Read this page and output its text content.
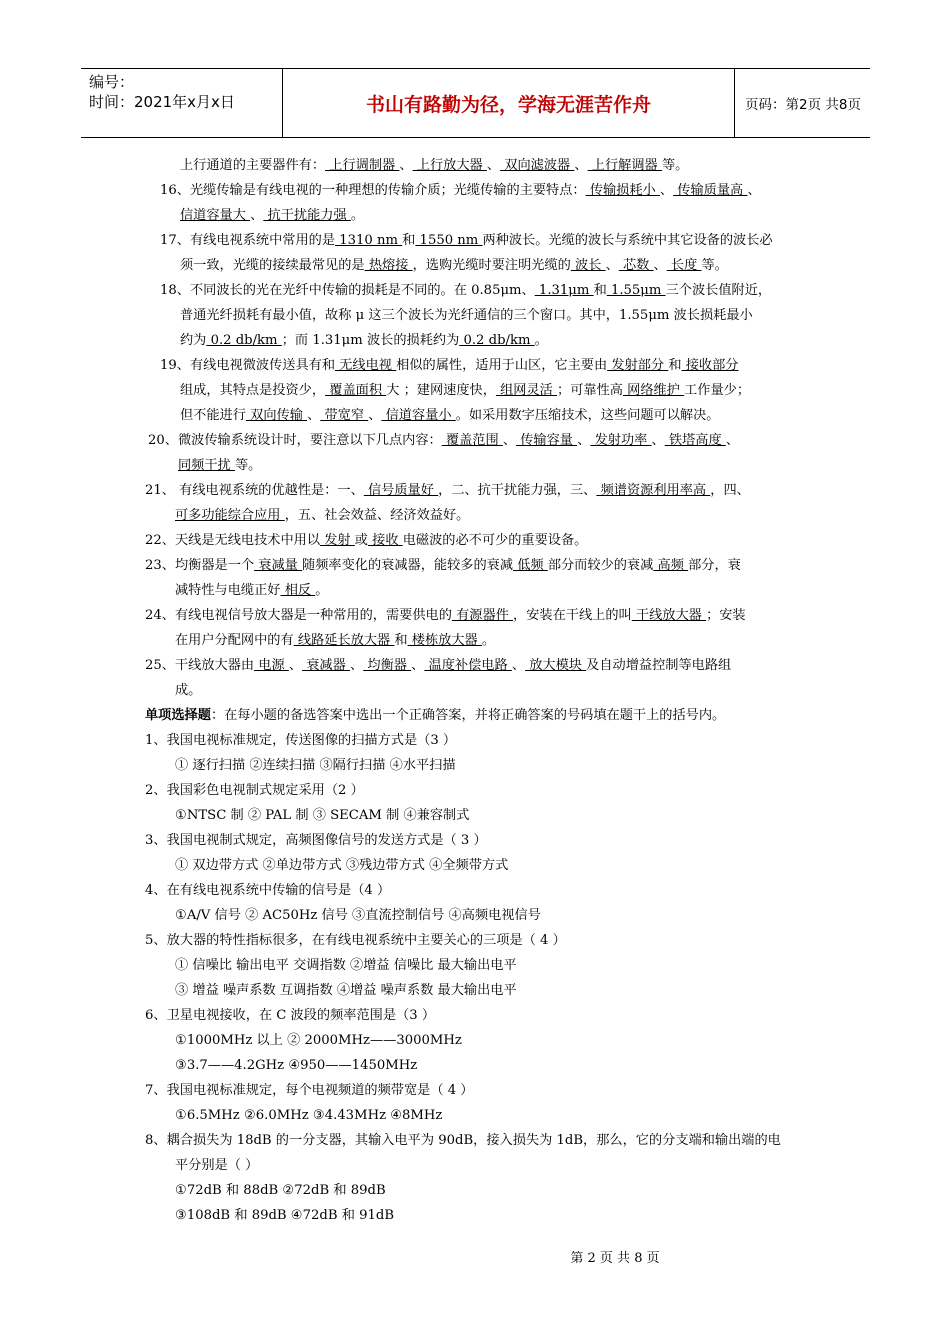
编号：
时间：2021年x月x日	书山有路勤为径，学海无涯苦作舟	页码：第2页 共8页
上行通道的主要器件有： 上行调制器 、 上行放大器 、 双向滤波器 、 上行解调器 等。
16、光缆传输是有线电视的一种理想的传输介质；光缆传输的主要特点： 传输损耗小 、 传输质量高 、
信道容量大 、 抗干扰能力强 。
17、有线电视系统中常用的是 1310 nm 和 1550 nm 两种波长。光缆的波长与系统中其它设备的波长必
须一致，光缆的接续最常见的是 热熔接 ，选购光缆时要注明光缆的 波长 、 芯数 、 长度 等。
18、不同波长的光在光纤中传输的损耗是不同的。在 0.85μm、 1.31μm 和 1.55μm 三个波长值附近，
普通光纤损耗有最小值，故称 μ 这三个波长为光纤通信的三个窗口。其中，1.55μm 波长损耗最小
约为 0.2 db/km ；而 1.31μm 波长的损耗约为 0.2 db/km 。
19、有线电视微波传送具有和 无线电视 相似的属性，适用于山区，它主要由 发射部分 和 接收部分
组成，其特点是投资少， 覆盖面积 大 ；建网速度快， 组网灵活 ；可靠性高 网络维护 工作量少；
但不能进行 双向传输 、 带宽窄 、 信道容量小 。如采用数字压缩技术，这些问题可以解决。
20、微波传输系统设计时，要注意以下几点内容： 覆盖范围 、 传输容量 、 发射功率 、 铁塔高度 、
同频干扰 等。
21、 有线电视系统的优越性是：一、 信号质量好 ，二、抗干扰能力强，三、 频谱资源利用率高 ，四、
可多功能综合应用 ，五、社会效益、经济效益好。
22、天线是无线电技术中用以 发射 或 接收 电磁波的必不可少的重要设备。
23、均衡器是一个 衰减量 随频率变化的衰减器，能较多的衰减 低频 部分而较少的衰减 高频 部分，衰
减特性与电缆正好 相反 。
24、有线电视信号放大器是一种常用的，需要供电的 有源器件 ，安装在干线上的叫 干线放大器 ；安装
在用户分配网中的有 线路延长放大器 和 楼栋放大器 。
25、干线放大器由 电源 、 衰减器 、 均衡器 、 温度补偿电路 、 放大模块 及自动增益控制等电路组
成。
单项选择题：在每小题的备选答案中选出一个正确答案，并将正确答案的号码填在题干上的括号内。
1、我国电视标准规定，传送图像的扫描方式是（3 ）
① 逐行扫描 ②连续扫描 ③隔行扫描 ④水平扫描
2、我国彩色电视制式规定采用（2 ）
①NTSC 制 ② PAL 制 ③ SECAM 制 ④兼容制式
3、我国电视制式规定，高频图像信号的发送方式是（ 3 ）
① 双边带方式 ②单边带方式 ③残边带方式 ④全频带方式
4、在有线电视系统中传输的信号是（4 ）
①A/V 信号 ② AC50Hz 信号 ③直流控制信号 ④高频电视信号
5、放大器的特性指标很多，在有线电视系统中主要关心的三项是（ 4 ）
① 信噪比 输出电平 交调指数 ②增益 信噪比 最大输出电平
③ 增益 噪声系数 互调指数 ④增益 噪声系数 最大输出电平
6、卫星电视接收，在 C 波段的频率范围是（3 ）
①1000MHz 以上 ② 2000MHz——3000MHz
③3.7——4.2GHz ④950——1450MHz
7、我国电视标准规定，每个电视频道的频带宽是（ 4 ）
①6.5MHz ②6.0MHz ③4.43MHz ④8MHz
8、耦合损失为 18dB 的一分支器，其输入电平为 90dB，接入损失为 1dB，那么，它的分支端和输出端的电
平分别是（ ）
①72dB 和 88dB ②72dB 和 89dB
③108dB 和 89dB ④72dB 和 91dB
第 2 页 共 8 页
